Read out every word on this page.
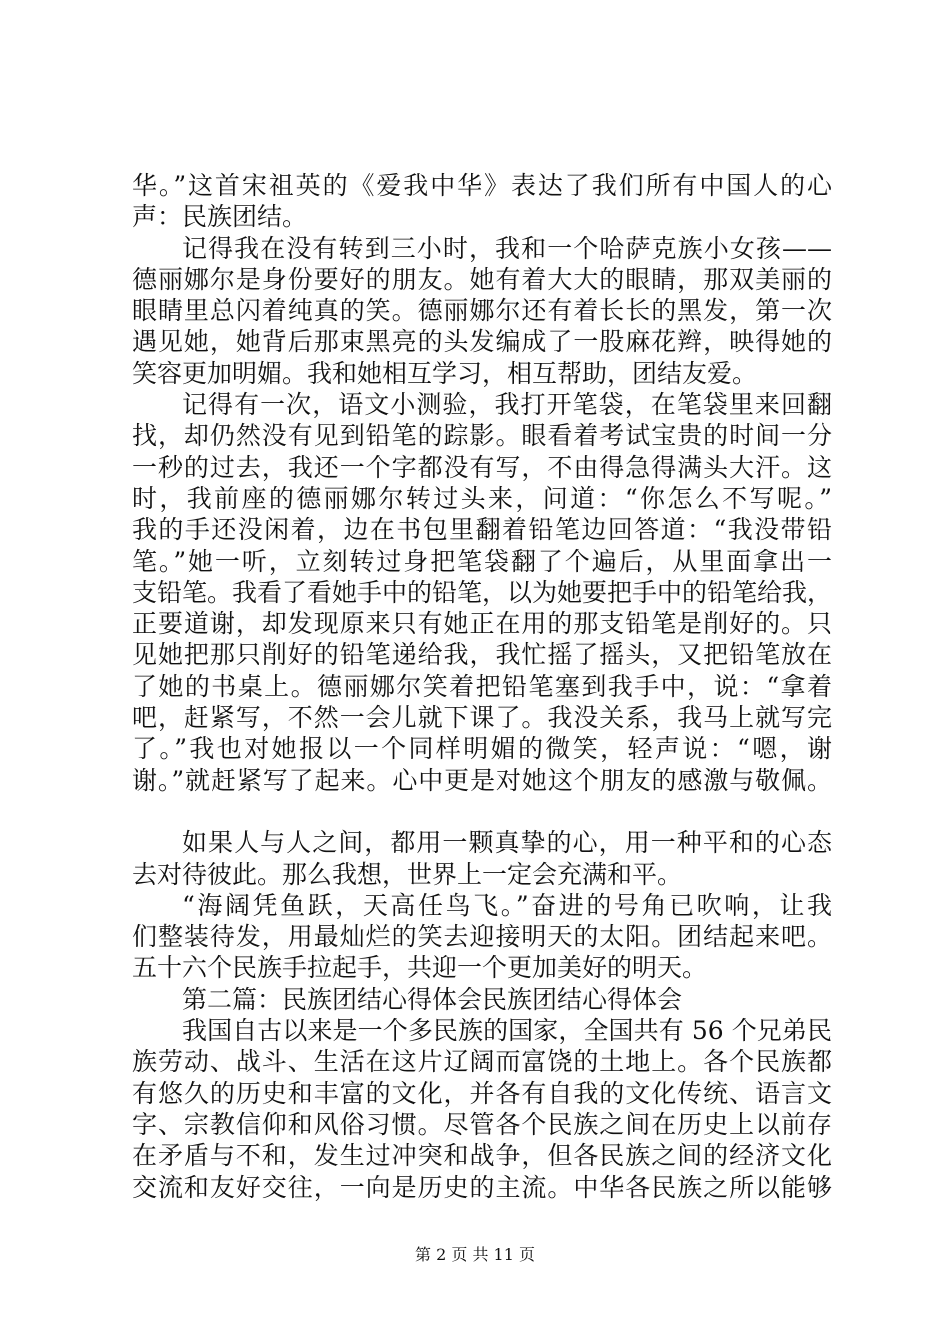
华。”这首宋祖英的《爱我中华》表达了我们所有中国人的心
声：民族团结。
记得我在没有转到三小时，我和一个哈萨克族小女孩——
德丽娜尔是身份要好的朋友。她有着大大的眼睛，那双美丽的
眼睛里总闪着纯真的笑。德丽娜尔还有着长长的黑发，第一次
遇见她，她背后那束黑亮的头发编成了一股麻花辫，映得她的
笑容更加明媚。我和她相互学习，相互帮助，团结友爱。
记得有一次，语文小测验，我打开笔袋，在笔袋里来回翻
找，却仍然没有见到铅笔的踪影。眼看着考试宝贵的时间一分
一秒的过去，我还一个字都没有写，不由得急得满头大汗。这
时，我前座的德丽娜尔转过头来，问道：“你怎么不写呢。”
我的手还没闲着，边在书包里翻着铅笔边回答道：“我没带铅
笔。”她一听，立刻转过身把笔袋翻了个遍后，从里面拿出一
支铅笔。我看了看她手中的铅笔，以为她要把手中的铅笔给我，
正要道谢，却发现原来只有她正在用的那支铅笔是削好的。只
见她把那只削好的铅笔递给我，我忙摇了摇头，又把铅笔放在
了她的书桌上。德丽娜尔笑着把铅笔塞到我手中，说：“拿着
吧，赶紧写，不然一会儿就下课了。我没关系，我马上就写完
了。”我也对她报以一个同样明媚的微笑，轻声说：“嗯，谢
谢。”就赶紧写了起来。心中更是对她这个朋友的感激与敬佩。
如果人与人之间，都用一颗真挚的心，用一种平和的心态
去对待彼此。那么我想，世界上一定会充满和平。
“海阔凭鱼跃，天高任鸟飞。”奋进的号角已吹响，让我
们整装待发，用最灿烂的笑去迎接明天的太阳。团结起来吧。
五十六个民族手拉起手，共迎一个更加美好的明天。
第二篇：民族团结心得体会民族团结心得体会
我国自古以来是一个多民族的国家，全国共有 56 个兄弟民
族劳动、战斗、生活在这片辽阔而富饶的土地上。各个民族都
有悠久的历史和丰富的文化，并各有自我的文化传统、语言文
字、宗教信仰和风俗习惯。尽管各个民族之间在历史上以前存
在矛盾与不和，发生过冲突和战争，但各民族之间的经济文化
交流和友好交往，一向是历史的主流。中华各民族之所以能够
第 2 页 共 11 页
